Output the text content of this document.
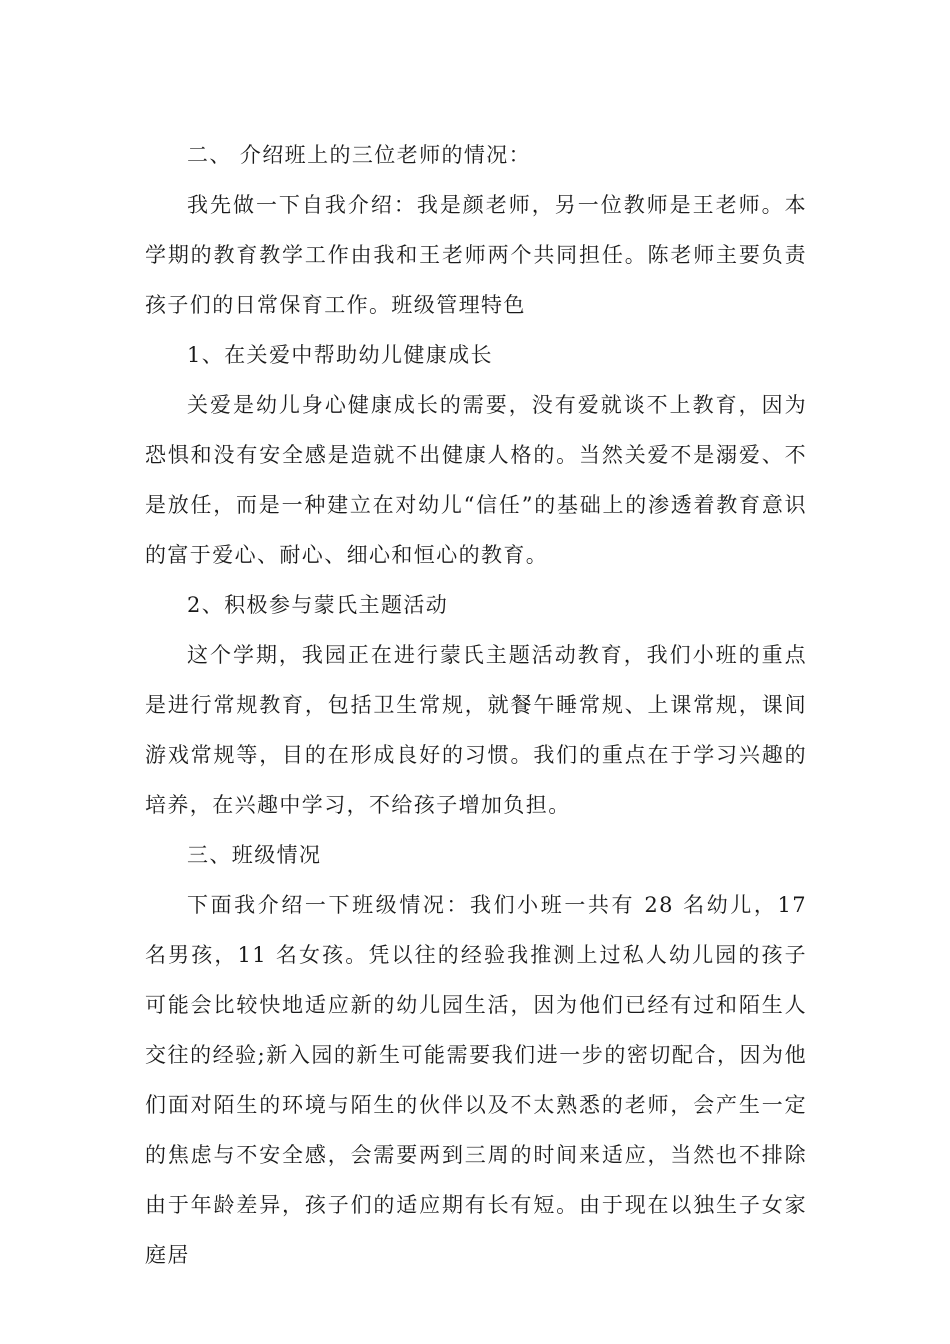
二、 介绍班上的三位老师的情况：

我先做一下自我介绍：我是颜老师，另一位教师是王老师。本学期的教育教学工作由我和王老师两个共同担任。陈老师主要负责孩子们的日常保育工作。班级管理特色

1、在关爱中帮助幼儿健康成长

关爱是幼儿身心健康成长的需要，没有爱就谈不上教育，因为恐惧和没有安全感是造就不出健康人格的。当然关爱不是溺爱、不是放任，而是一种建立在对幼儿“信任”的基础上的渗透着教育意识的富于爱心、耐心、细心和恒心的教育。

2、积极参与蒙氏主题活动

这个学期，我园正在进行蒙氏主题活动教育，我们小班的重点是进行常规教育，包括卫生常规，就餐午睡常规、上课常规，课间游戏常规等，目的在形成良好的习惯。我们的重点在于学习兴趣的培养，在兴趣中学习，不给孩子增加负担。

三、班级情况

下面我介绍一下班级情况：我们小班一共有 28 名幼儿，17 名男孩，11 名女孩。凭以往的经验我推测上过私人幼儿园的孩子可能会比较快地适应新的幼儿园生活，因为他们已经有过和陌生人交往的经验;新入园的新生可能需要我们进一步的密切配合，因为他们面对陌生的环境与陌生的伙伴以及不太熟悉的老师，会产生一定的焦虑与不安全感，会需要两到三周的时间来适应，当然也不排除由于年龄差异，孩子们的适应期有长有短。由于现在以独生子女家庭居
